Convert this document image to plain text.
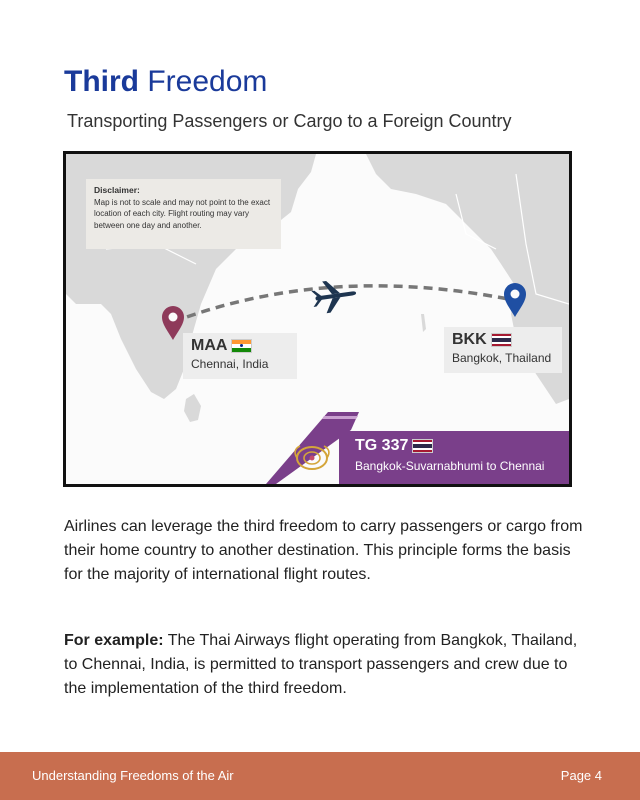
Third Freedom
Transporting Passengers or Cargo to a Foreign Country
Disclaimer:
Map is not to scale and may not point to the exact location of each city. Flight routing may vary between one day and another.
MAA
Chennai, India
BKK
Bangkok, Thailand
TG 337
Bangkok-Suvarnabhumi to Chennai

Airlines can leverage the third freedom to carry passengers or cargo from their home country to another destination. This principle forms the basis for the majority of international flight routes.

For example: The Thai Airways flight operating from Bangkok, Thailand, to Chennai, India, is permitted to transport passengers and crew due to the implementation of the third freedom.

Understanding Freedoms of the Air	Page 4
